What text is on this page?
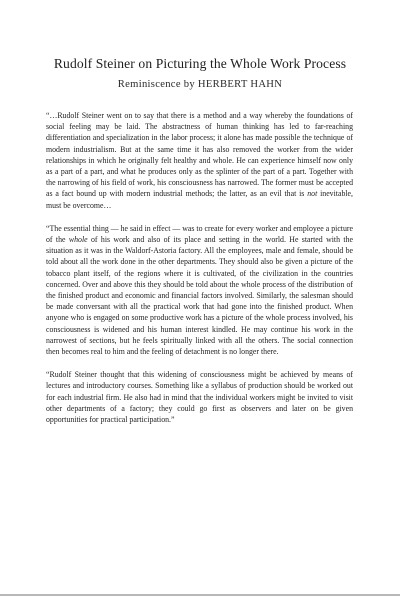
Rudolf Steiner on Picturing the Whole Work Process
Reminiscence by HERBERT HAHN

“…Rudolf Steiner went on to say that there is a method and a way whereby the foundations of social feeling may be laid. The abstractness of human thinking has led to far-reaching differentiation and specialization in the labor process; it alone has made possible the technique of modern industrialism. But at the same time it has also removed the worker from the wider relationships in which he originally felt healthy and whole. He can experience himself now only as a part of a part, and what he produces only as the splinter of the part of a part. Together with the narrowing of his field of work, his consciousness has narrowed. The former must be accepted as a fact bound up with modern industrial methods; the latter, as an evil that is not inevitable, must be overcome…

“The essential thing — he said in effect — was to create for every worker and employee a picture of the whole of his work and also of its place and setting in the world. He started with the situation as it was in the Waldorf-Astoria factory. All the employees, male and female, should be told about all the work done in the other departments. They should also be given a picture of the tobacco plant itself, of the regions where it is cultivated, of the civilization in the countries concerned. Over and above this they should be told about the whole process of the distribution of the finished product and economic and financial factors involved. Similarly, the salesman should be made conversant with all the practical work that had gone into the finished product. When anyone who is engaged on some productive work has a picture of the whole process involved, his consciousness is widened and his human interest kindled. He may continue his work in the narrowest of sections, but he feels spiritually linked with all the others. The social connection then becomes real to him and the feeling of detachment is no longer there.

“Rudolf Steiner thought that this widening of consciousness might be achieved by means of lectures and introductory courses. Something like a syllabus of production should be worked out for each industrial firm. He also had in mind that the individual workers might be invited to visit other departments of a factory; they could go first as observers and later on be given opportunities for practical participation.”
